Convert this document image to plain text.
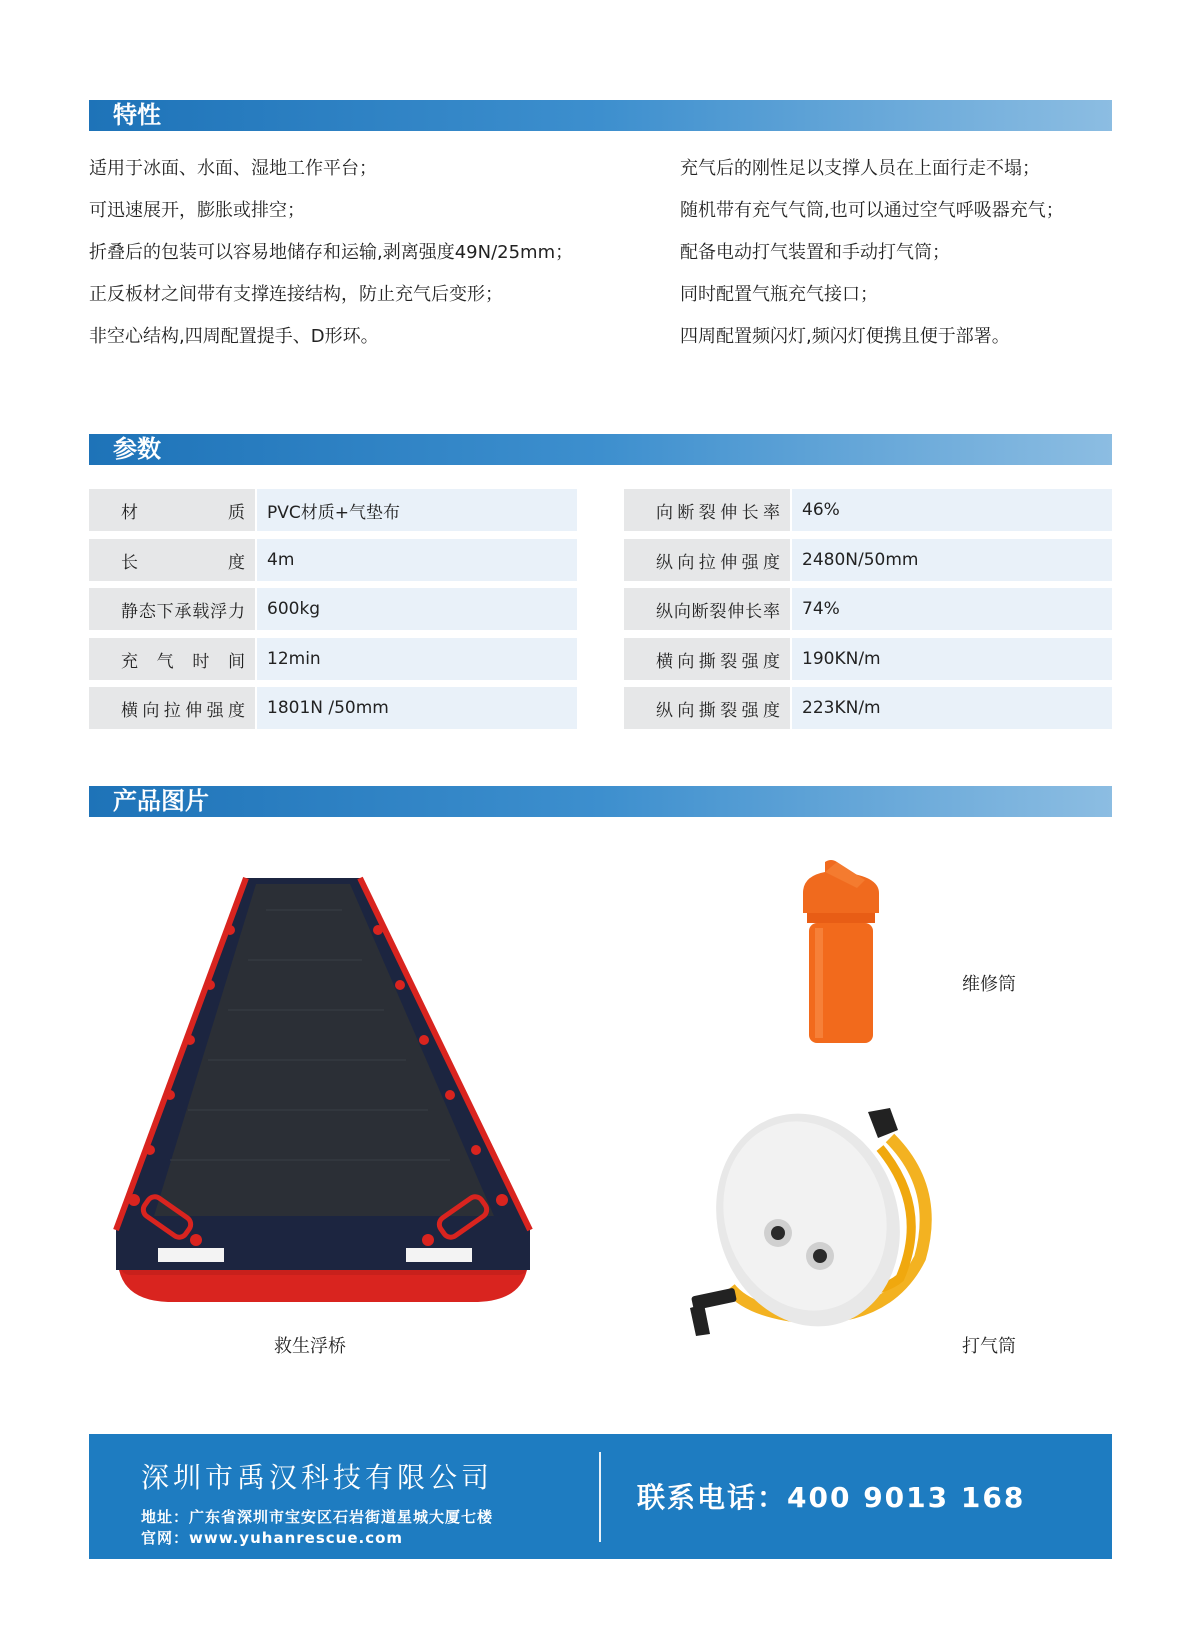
特性
适用于冰面、水面、湿地工作平台；
可迅速展开，膨胀或排空；
折叠后的包装可以容易地储存和运输,剥离强度49N/25mm；
正反板材之间带有支撑连接结构，防止充气后变形；
非空心结构,四周配置提手、D形环。
充气后的刚性足以支撑人员在上面行走不塌；
随机带有充气气筒,也可以通过空气呼吸器充气；
配备电动打气装置和手动打气筒；
同时配置气瓶充气接口；
四周配置频闪灯,频闪灯便携且便于部署。
参数
材质	PVC材质+气垫布
长度	4m
静态下承载浮力	600kg
充气时间	12min
横向拉伸强度	1801N /50mm
向断裂伸长率	46%
纵向拉伸强度	2480N/50mm
纵向断裂伸长率	74%
横向撕裂强度	190KN/m
纵向撕裂强度	223KN/m
产品图片
救生浮桥
维修筒
打气筒
深圳市禹汉科技有限公司
地址：广东省深圳市宝安区石岩街道星城大厦七楼
官网：www.yuhanrescue.com
联系电话：400 9013 168
